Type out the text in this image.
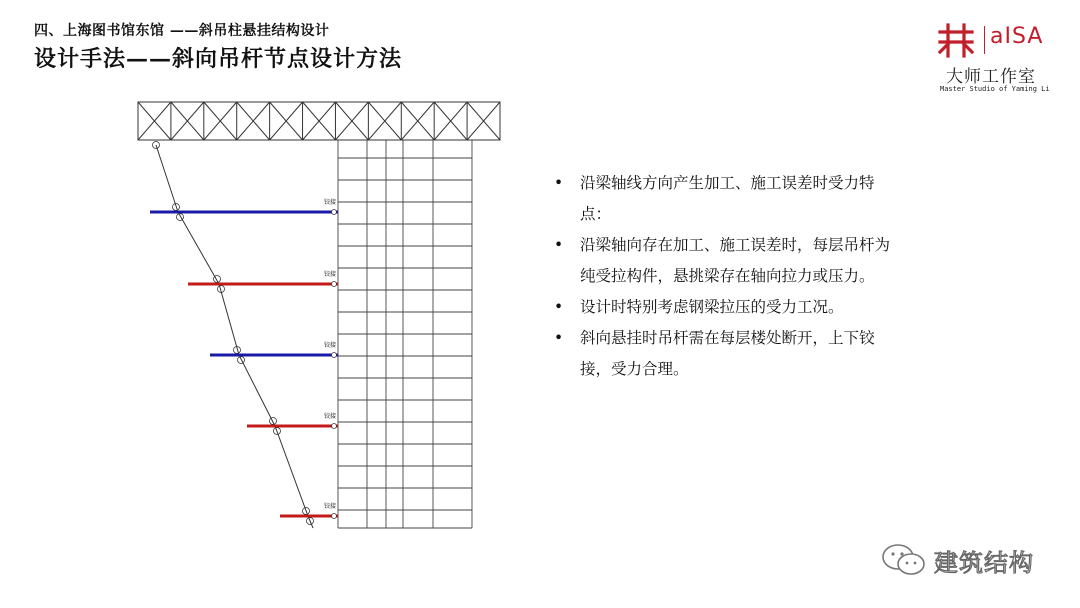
四、上海图书馆东馆 ——斜吊柱悬挂结构设计
设计手法——斜向吊杆节点设计方法
aISA
大师工作室
Master Studio of Yaming Li
铰接
铰接
铰接
铰接
铰接
• 沿梁轴线方向产生加工、施工误差时受力特点：
• 沿梁轴向存在加工、施工误差时，每层吊杆为纯受拉构件，悬挑梁存在轴向拉力或压力。
• 设计时特别考虑钢梁拉压的受力工况。
• 斜向悬挂时吊杆需在每层楼处断开，上下铰接，受力合理。
建筑结构
